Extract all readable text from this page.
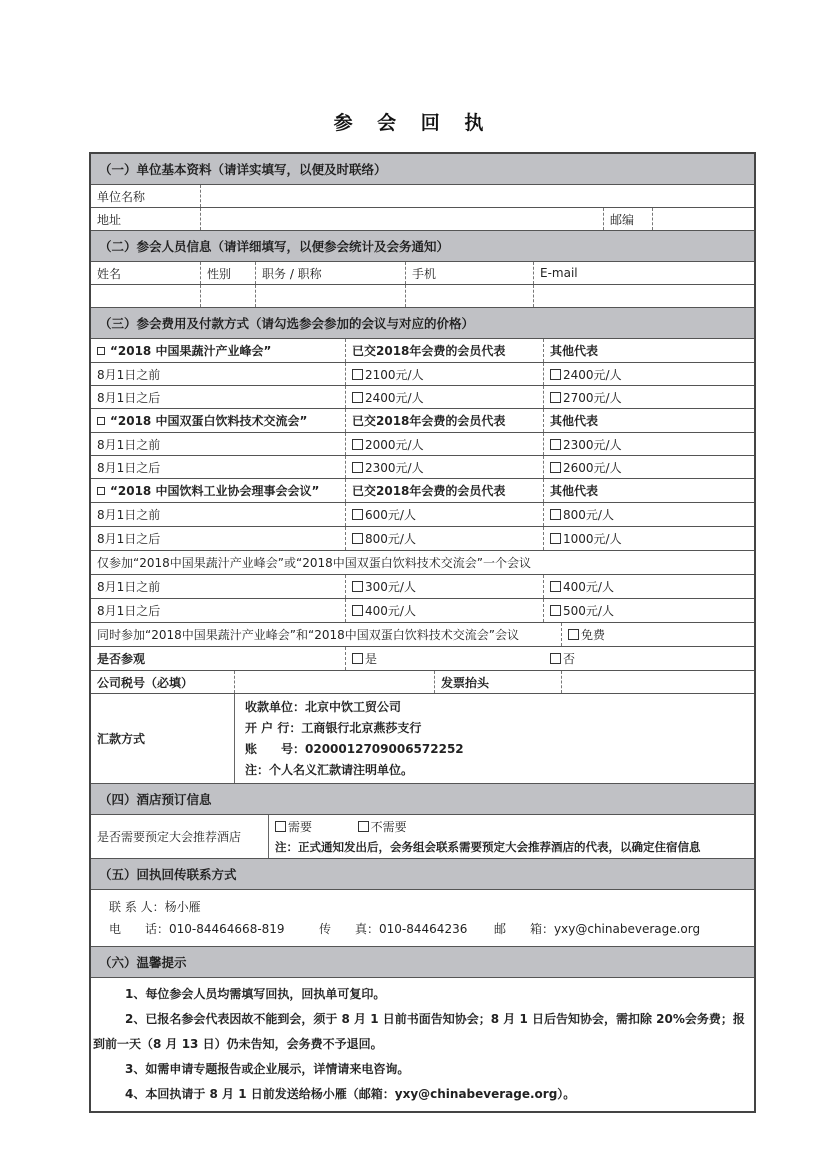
参 会 回 执
（一）单位基本资料（请详实填写，以便及时联络）
单位名称
地址	邮编
（二）参会人员信息（请详细填写，以便参会统计及会务通知）
姓名	性别	职务 / 职称	手机	E-mail
（三）参会费用及付款方式（请勾选参会参加的会议与对应的价格）
“2018 中国果蔬汁产业峰会”	已交2018年会费的会员代表	其他代表
8月1日之前	2100元/人	2400元/人
8月1日之后	2400元/人	2700元/人
“2018 中国双蛋白饮料技术交流会”	已交2018年会费的会员代表	其他代表
8月1日之前	2000元/人	2300元/人
8月1日之后	2300元/人	2600元/人
“2018 中国饮料工业协会理事会会议”	已交2018年会费的会员代表	其他代表
8月1日之前	600元/人	800元/人
8月1日之后	800元/人	1000元/人
仅参加“2018中国果蔬汁产业峰会”或“2018中国双蛋白饮料技术交流会”一个会议
8月1日之前	300元/人	400元/人
8月1日之后	400元/人	500元/人
同时参加“2018中国果蔬汁产业峰会”和“2018中国双蛋白饮料技术交流会”会议	免费
是否参观	是	否
公司税号（必填）	发票抬头
汇款方式
收款单位：北京中饮工贸公司
开 户 行：工商银行北京燕莎支行
账　　号：0200012709006572252
注：个人名义汇款请注明单位。
（四）酒店预订信息
是否需要预定大会推荐酒店
需要	不需要
注：正式通知发出后，会务组会联系需要预定大会推荐酒店的代表，以确定住宿信息
（五）回执回传联系方式
联 系 人： 杨小雁
电　　话： 010-84464668-819	传　　真： 010-84464236	邮　　箱： yxy@chinabeverage.org
（六）温馨提示
1、每位参会人员均需填写回执，回执单可复印。
2、已报名参会代表因故不能到会，须于 8 月 1 日前书面告知协会；8 月 1 日后告知协会，需扣除 20%会务费；报
到前一天（8 月 13 日）仍未告知，会务费不予退回。
3、如需申请专题报告或企业展示，详情请来电咨询。
4、本回执请于 8 月 1 日前发送给杨小雁（邮箱：yxy@chinabeverage.org）。
